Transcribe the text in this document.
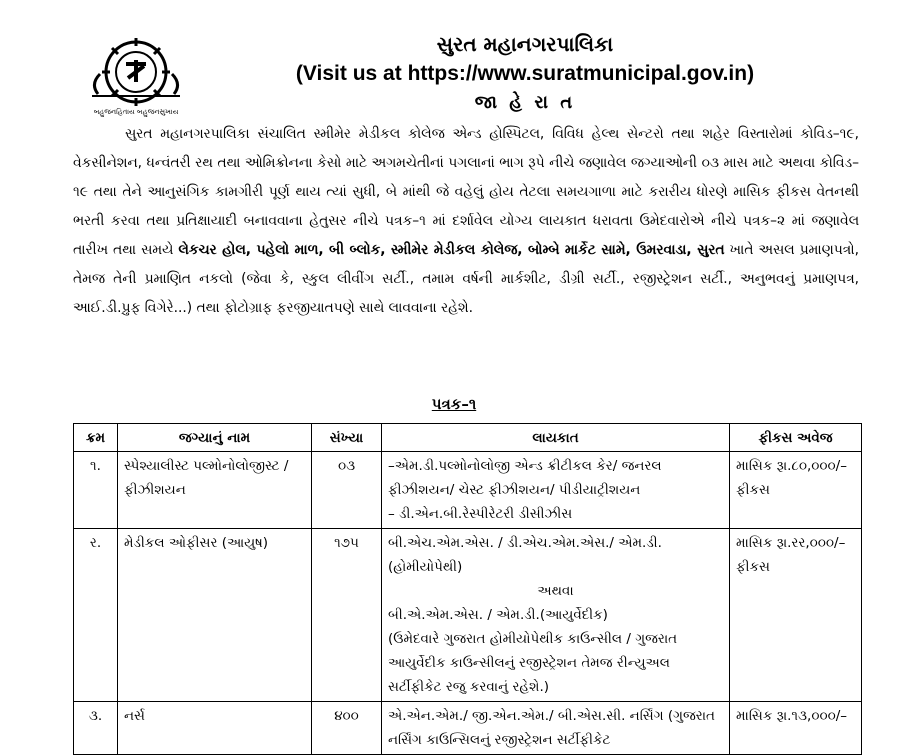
બહુજનહિતાય બહુજનસુખાય
સુરત મહાનગરપાલિકા
(Visit us at https://www.suratmunicipal.gov.in)
જા હે રા ત
સુરત મહાનગરપાલિકા સંચાલિત સ્મીમેર મેડીકલ કોલેજ એન્ડ હોસ્પિટલ, વિવિધ હેલ્થ સેન્ટરો તથા શહેર વિસ્તારોમાં કોવિડ–૧૯, વેકસીનેશન, ધન્વંતરી રથ તથા ઓમિક્રોનના કેસો માટે અગમચેતીનાં પગલાનાં ભાગ રૂપે નીચે જણાવેલ જગ્યાઓની ૦૩ માસ માટે અથવા કોવિડ–૧૯ તથા તેને આનુસંગિક કામગીરી પૂર્ણ થાય ત્યાં સુધી, બે માંથી જે વહેલું હોય તેટલા સમયગાળા માટે કરારીય ધોરણે માસિક ફીકસ વેતનથી ભરતી કરવા તથા પ્રતિક્ષાયાદી બનાવવાના હેતુસર નીચે પત્રક–૧ માં દર્શાવેલ યોગ્ય લાયકાત ધરાવતા ઉમેદવારોએ નીચે પત્રક–૨ માં જણાવેલ તારીખ તથા સમયે લેકચર હોલ, પહેલો માળ, બી બ્લોક, સ્મીમેર મેડીકલ કોલેજ, બોમ્બે માર્કેટ સામે, ઉમરવાડા, સુરત ખાતે અસલ પ્રમાણપત્રો, તેમજ તેની પ્રમાણિત નકલો (જેવા કે, સ્કુલ લીવીંગ સર્ટી., તમામ વર્ષની માર્કશીટ, ડીગ્રી સર્ટી., રજીસ્ટ્રેશન સર્ટી., અનુભવનું પ્રમાણપત્ર, આઈ.ડી.પ્રુફ વિગેરે...) તથા ફોટોગ્રાફ ફરજીયાતપણે સાથે લાવવાના રહેશે.
પત્રક–૧
ક્રમ	જગ્યાનું નામ	સંખ્યા	લાયકાત	ફીકસ અવેજ
૧.	સ્પેશ્યાલીસ્ટ પલ્મોનોલોજીસ્ટ / ફીઝીશયન	૦૩	–એમ.ડી.પલ્મોનોલોજી એન્ડ ક્રીટીકલ કેર/ જનરલ ફીઝીશયન/ ચેસ્ટ ફીઝીશયન/ પીડીયાટ્રીશયન
– ડી.એન.બી.રેસ્પીરેટરી ડીસીઝીસ	માસિક રૂા.૮૦,૦૦૦/– ફીકસ
ર.	મેડીકલ ઓફીસર (આયુષ)	૧૭૫	બી.એચ.એમ.એસ. / ડી.એચ.એમ.એસ./ એમ.ડી.(હોમીયોપેથી)
અથવા
બી.એ.એમ.એસ. / એમ.ડી.(આયુર્વેદીક)
(ઉમેદવારે ગુજરાત હોમીયોપેથીક કાઉન્સીલ / ગુજરાત આયુર્વેદીક કાઉન્સીલનું રજીસ્ટ્રેશન તેમજ રીન્યુઅલ સર્ટીફીકેટ રજુ કરવાનું રહેશે.)	માસિક રૂા.રર,૦૦૦/– ફીકસ
૩.	નર્સ	૪૦૦	એ.એન.એમ./ જી.એન.એમ./ બી.એસ.સી. નર્સિંગ (ગુજરાત નર્સિંગ કાઉન્સિલનું રજીસ્ટ્રેશન સર્ટીફીકેટ	માસિક રૂા.૧૩,૦૦૦/–
